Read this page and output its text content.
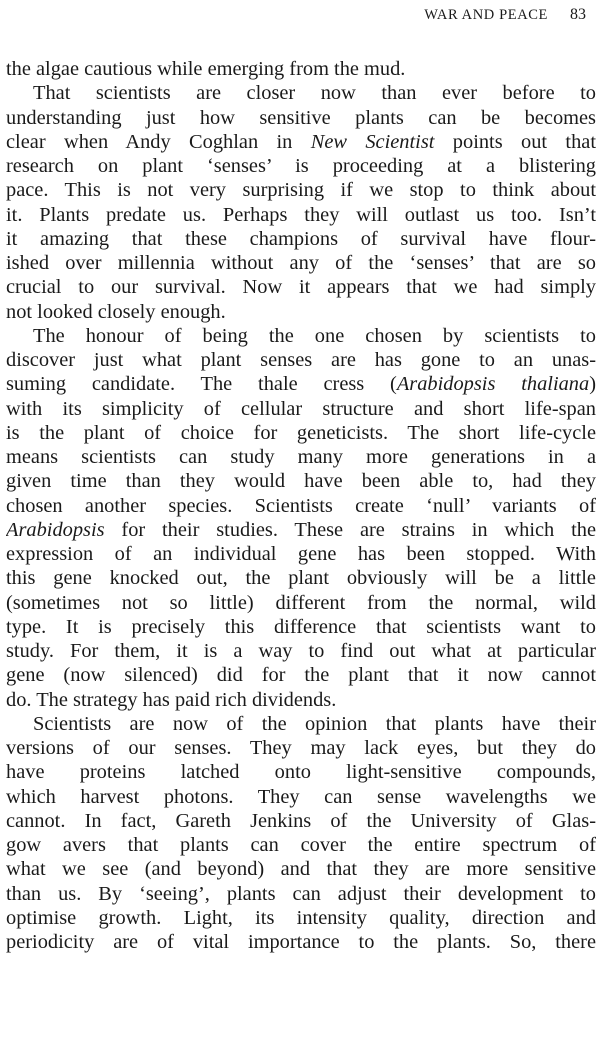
WAR AND PEACE 83

the algae cautious while emerging from the mud.

That scientists are closer now than ever before to
understanding just how sensitive plants can be becomes
clear when Andy Coghlan in New Scientist points out that
research on plant ‘senses’ is proceeding at a blistering
pace. This is not very surprising if we stop to think about
it. Plants predate us. Perhaps they will outlast us too. Isn’t
it amazing that these champions of survival have flour-
ished over millennia without any of the ‘senses’ that are so
crucial to our survival. Now it appears that we had simply
not looked closely enough.

The honour of being the one chosen by scientists to
discover just what plant senses are has gone to an unas-
suming candidate. The thale cress (Arabidopsis thaliana)
with its simplicity of cellular structure and short life-span
is the plant of choice for geneticists. The short life-cycle
means scientists can study many more generations in a
given time than they would have been able to, had they
chosen another species. Scientists create ‘null’ variants of
Arabidopsis for their studies. These are strains in which the
expression of an individual gene has been stopped. With
this gene knocked out, the plant obviously will be a little
(sometimes not so little) different from the normal, wild
type. It is precisely this difference that scientists want to
study. For them, it is a way to find out what at particular
gene (now silenced) did for the plant that it now cannot
do. The strategy has paid rich dividends.

Scientists are now of the opinion that plants have their
versions of our senses. They may lack eyes, but they do
have proteins latched onto light-sensitive compounds,
which harvest photons. They can sense wavelengths we
cannot. In fact, Gareth Jenkins of the University of Glas-
gow avers that plants can cover the entire spectrum of
what we see (and beyond) and that they are more sensitive
than us. By ‘seeing’, plants can adjust their development to
optimise growth. Light, its intensity quality, direction and
periodicity are of vital importance to the plants. So, there
